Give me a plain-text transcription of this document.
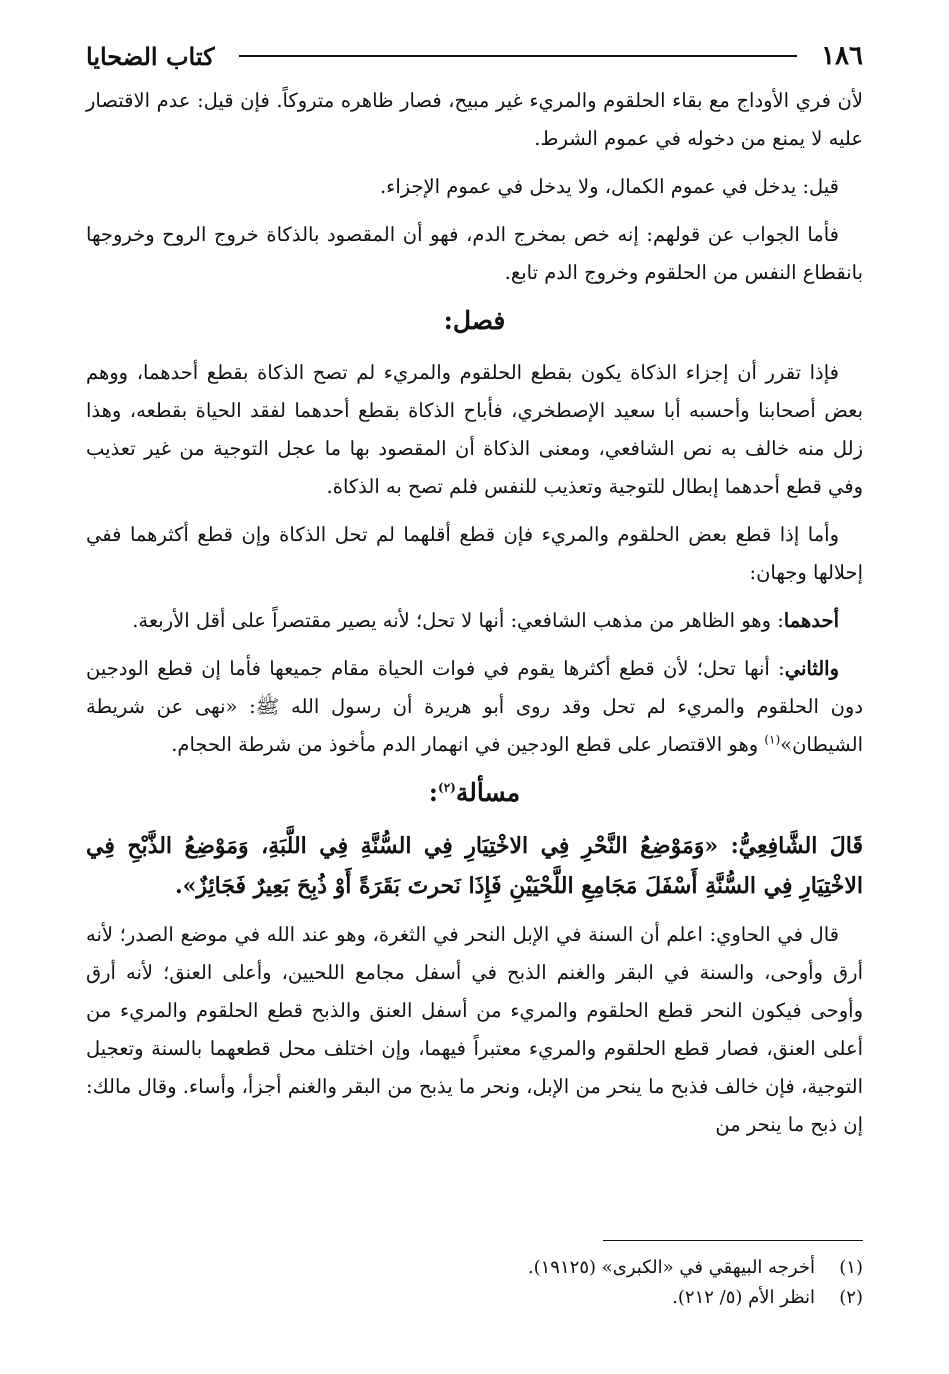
١٨٦
كتاب الضحايا

لأن فري الأوداج مع بقاء الحلقوم والمريء غير مبيح، فصار ظاهره متروكاً. فإن قيل: عدم الاقتصار عليه لا يمنع من دخوله في عموم الشرط.

قيل: يدخل في عموم الكمال، ولا يدخل في عموم الإجزاء.

فأما الجواب عن قولهم: إنه خص بمخرج الدم، فهو أن المقصود بالذكاة خروج الروح وخروجها بانقطاع النفس من الحلقوم وخروج الدم تابع.

فصل:

فإذا تقرر أن إجزاء الذكاة يكون بقطع الحلقوم والمريء لم تصح الذكاة بقطع أحدهما، ووهم بعض أصحابنا وأحسبه أبا سعيد الإصطخري، فأباح الذكاة بقطع أحدهما لفقد الحياة بقطعه، وهذا زلل منه خالف به نص الشافعي، ومعنى الذكاة أن المقصود بها ما عجل التوجية من غير تعذيب وفي قطع أحدهما إبطال للتوجية وتعذيب للنفس فلم تصح به الذكاة.

وأما إذا قطع بعض الحلقوم والمريء فإن قطع أقلهما لم تحل الذكاة وإن قطع أكثرهما ففي إحلالها وجهان:

أحدهما: وهو الظاهر من مذهب الشافعي: أنها لا تحل؛ لأنه يصير مقتصراً على أقل الأربعة.

والثاني: أنها تحل؛ لأن قطع أكثرها يقوم في فوات الحياة مقام جميعها فأما إن قطع الودجين دون الحلقوم والمريء لم تحل وقد روى أبو هريرة أن رسول الله ﷺ: «نهى عن شريطة الشيطان»$^{(١)}$ وهو الاقتصار على قطع الودجين في انهمار الدم مأخوذ من شرطة الحجام.

مسألة$^{(٢)}$:
قَالَ الشَّافِعِيُّ: «وَمَوْضِعُ النَّحْرِ فِي الاخْتِيَارِ فِي السُّنَّةِ فِي اللَّبَةِ، وَمَوْضِعُ الذَّبْحِ فِي الاخْتِيَارِ فِي السُّنَّةِ أَسْفَلَ مَجَامِعِ اللَّحْيَيْنِ فَإِذَا نَحرتَ بَقَرَةً أَوْ ذُبِحَ بَعِيرٌ فَجَائِزٌ».

قال في الحاوي: اعلم أن السنة في الإبل النحر في الثغرة، وهو عند الله في موضع الصدر؛ لأنه أرق وأوحى، والسنة في البقر والغنم الذبح في أسفل مجامع اللحيين، وأعلى العنق؛ لأنه أرق وأوحى فيكون النحر قطع الحلقوم والمريء من أسفل العنق والذبح قطع الحلقوم والمريء من أعلى العنق، فصار قطع الحلقوم والمريء معتبراً فيهما، وإن اختلف محل قطعهما بالسنة وتعجيل التوجية، فإن خالف فذبح ما ينحر من الإبل، ونحر ما يذبح من البقر والغنم أجزأ، وأساء. وقال مالك: إن ذبح ما ينحر من

(١)
أخرجه البيهقي في «الكبرى» (١٩١٢٥).
(٢)
انظر الأم (٥/ ٢١٢).
